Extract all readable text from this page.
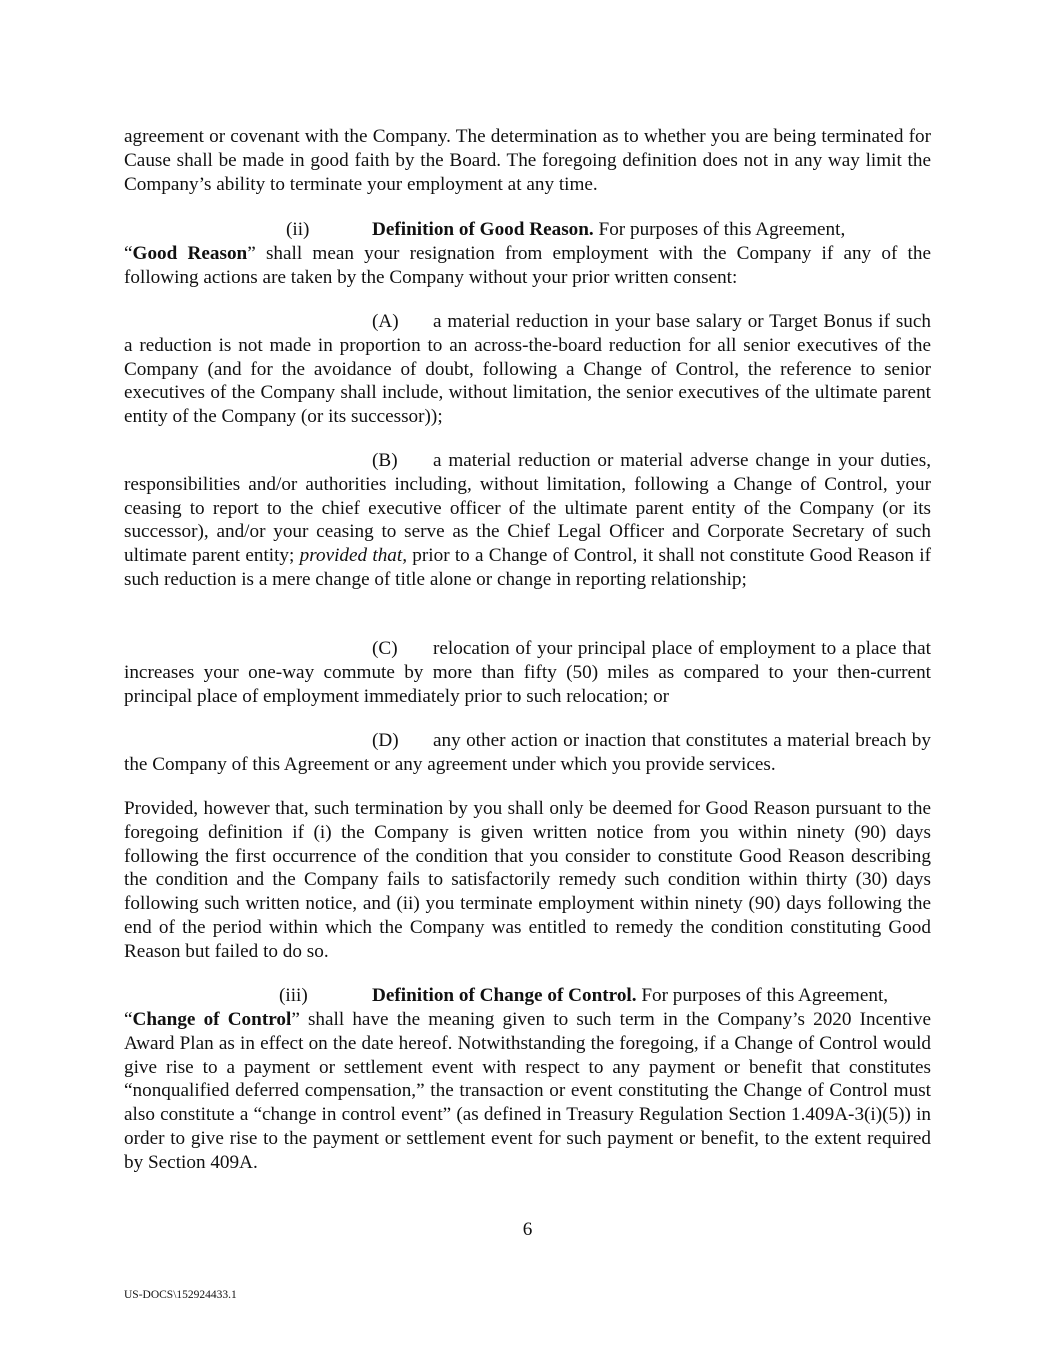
agreement or covenant with the Company. The determination as to whether you are being terminated for Cause shall be made in good faith by the Board. The foregoing definition does not in any way limit the Company’s ability to terminate your employment at any time.

(ii)	Definition of Good Reason. For purposes of this Agreement,

“Good Reason” shall mean your resignation from employment with the Company if any of the following actions are taken by the Company without your prior written consent:

(A) a material reduction in your base salary or Target Bonus if such a reduction is not made in proportion to an across-the-board reduction for all senior executives of the Company (and for the avoidance of doubt, following a Change of Control, the reference to senior executives of the Company shall include, without limitation, the senior executives of the ultimate parent entity of the Company (or its successor));

(B) a material reduction or material adverse change in your duties, responsibilities and/or authorities including, without limitation, following a Change of Control, your ceasing to report to the chief executive officer of the ultimate parent entity of the Company (or its successor), and/or your ceasing to serve as the Chief Legal Officer and Corporate Secretary of such ultimate parent entity; provided that, prior to a Change of Control, it shall not constitute Good Reason if such reduction is a mere change of title alone or change in reporting relationship;

(C) relocation of your principal place of employment to a place that increases your one-way commute by more than fifty (50) miles as compared to your then-current principal place of employment immediately prior to such relocation; or

(D) any other action or inaction that constitutes a material breach by the Company of this Agreement or any agreement under which you provide services.

Provided, however that, such termination by you shall only be deemed for Good Reason pursuant to the foregoing definition if (i) the Company is given written notice from you within ninety (90) days following the first occurrence of the condition that you consider to constitute Good Reason describing the condition and the Company fails to satisfactorily remedy such condition within thirty (30) days following such written notice, and (ii) you terminate employment within ninety (90) days following the end of the period within which the Company was entitled to remedy the condition constituting Good Reason but failed to do so.

(iii)	Definition of Change of Control. For purposes of this Agreement,

“Change of Control” shall have the meaning given to such term in the Company’s 2020 Incentive Award Plan as in effect on the date hereof. Notwithstanding the foregoing, if a Change of Control would give rise to a payment or settlement event with respect to any payment or benefit that constitutes “nonqualified deferred compensation,” the transaction or event constituting the Change of Control must also constitute a “change in control event” (as defined in Treasury Regulation Section 1.409A-3(i)(5)) in order to give rise to the payment or settlement event for such payment or benefit, to the extent required by Section 409A.

6
US-DOCS\152924433.1
